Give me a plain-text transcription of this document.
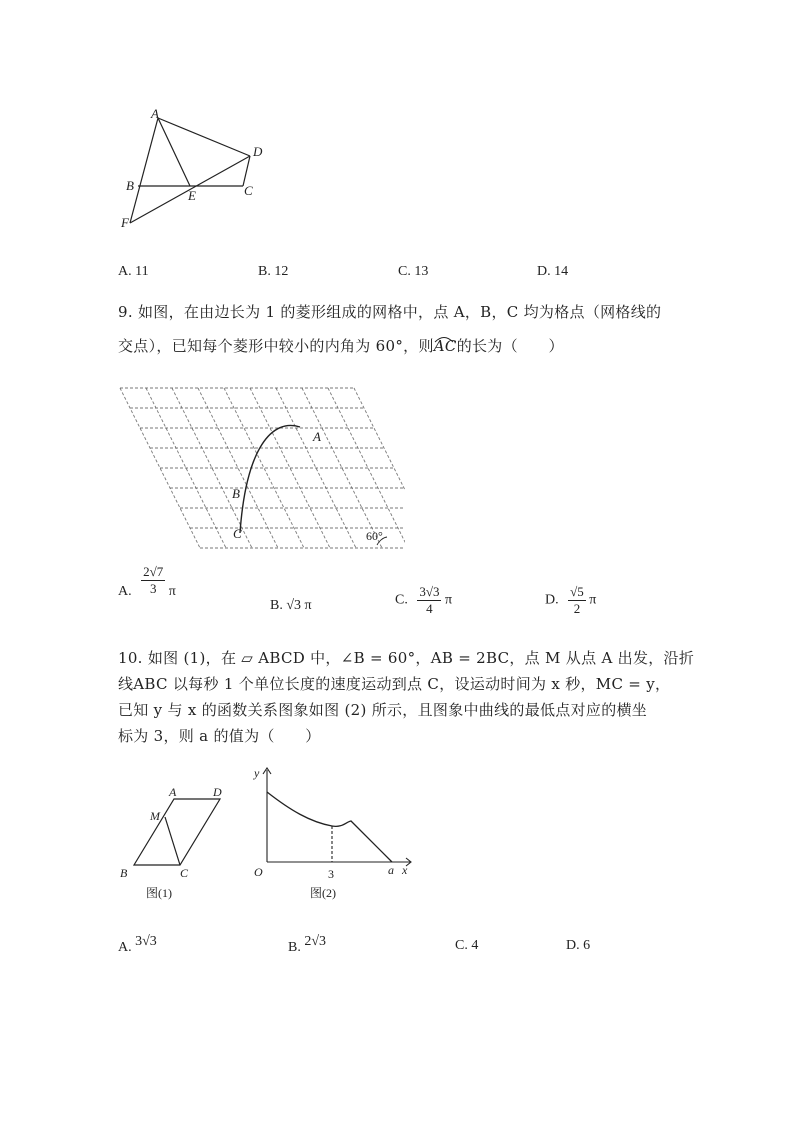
A
D
B
E	C
F
A. 11	B. 12	C. 13	D. 14
9. 如图，在由边长为 1 的菱形组成的网格中，点 A，B，C 均为格点（网格线的
交点），已知每个菱形中较小的内角为 60°，则
AC的长为（　　）
A
B
C	60°
A. $\frac{2√7}{3}$ π
B. √3 π	C. $\frac{3√3}{4}$ π	D. $\frac{√5}{2}$ π
10. 如图 (1)，在 ▱ ABCD 中，∠B = 60°，AB = 2BC，点 M 从点 A 出发，沿折
线ABC 以每秒 1 个单位长度的速度运动到点 C，设运动时间为 x 秒，MC = y，
已知 y 与 x 的函数关系图象如图 (2) 所示，且图象中曲线的最低点对应的横坐
标为 3，则 a 的值为（　　）
A	D
M
B	C
图(1)
y
O	3	a x
图(2)
A. 3√3	B. 2√3	C. 4	D. 6
